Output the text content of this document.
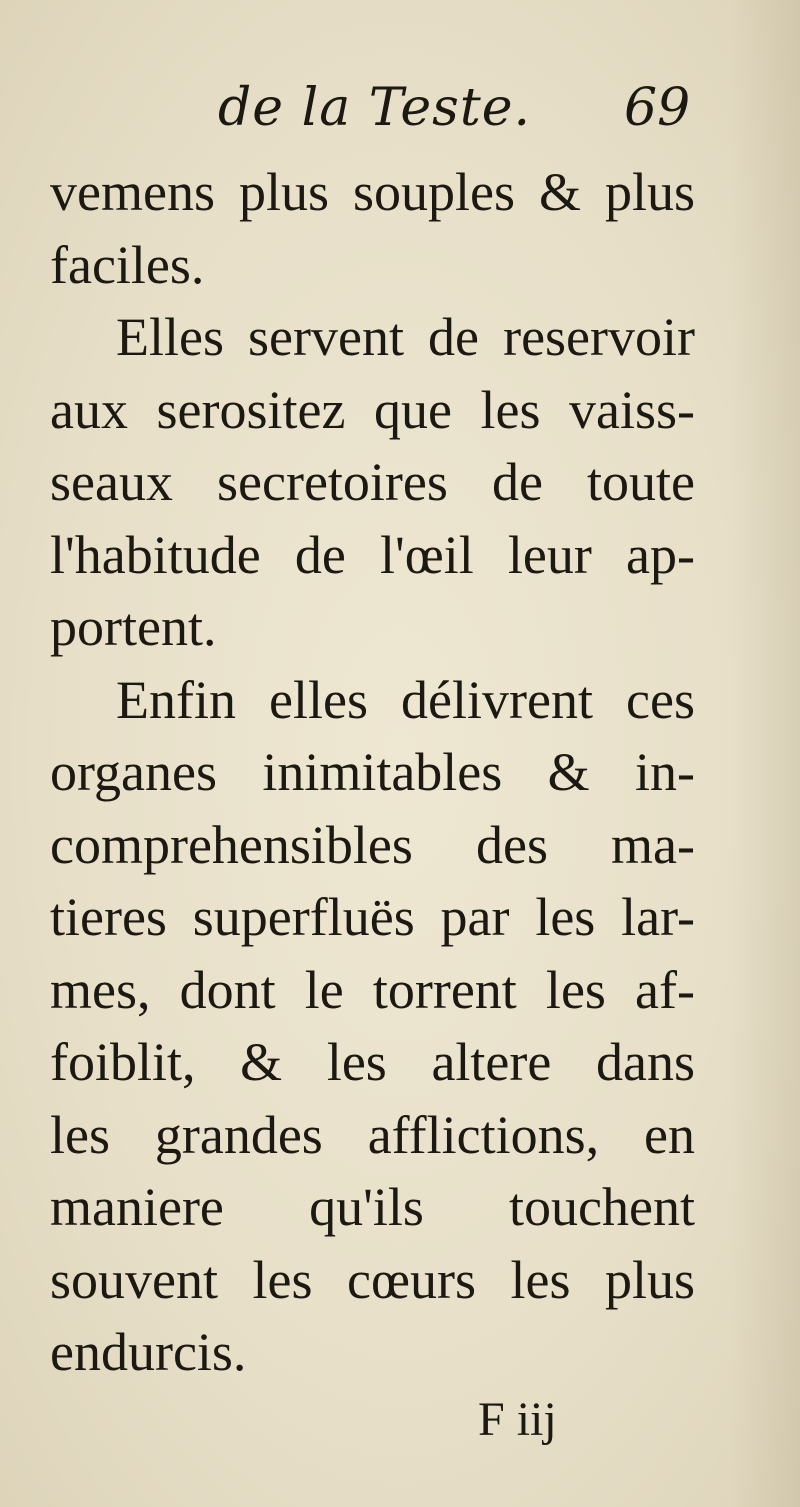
de la Teste. 69
vemens plus souples & plus
faciles.
Elles servent de reservoir
aux serositez que les vaiss-
seaux secretoires de toute
l'habitude de l'œil leur ap-
portent.
Enfin elles délivrent ces
organes inimitables & in-
comprehensibles des ma-
tieres superfluës par les lar-
mes, dont le torrent les af-
foiblit, & les altere dans
les grandes afflictions, en
maniere qu'ils touchent
souvent les cœurs les plus
endurcis.
F iij
